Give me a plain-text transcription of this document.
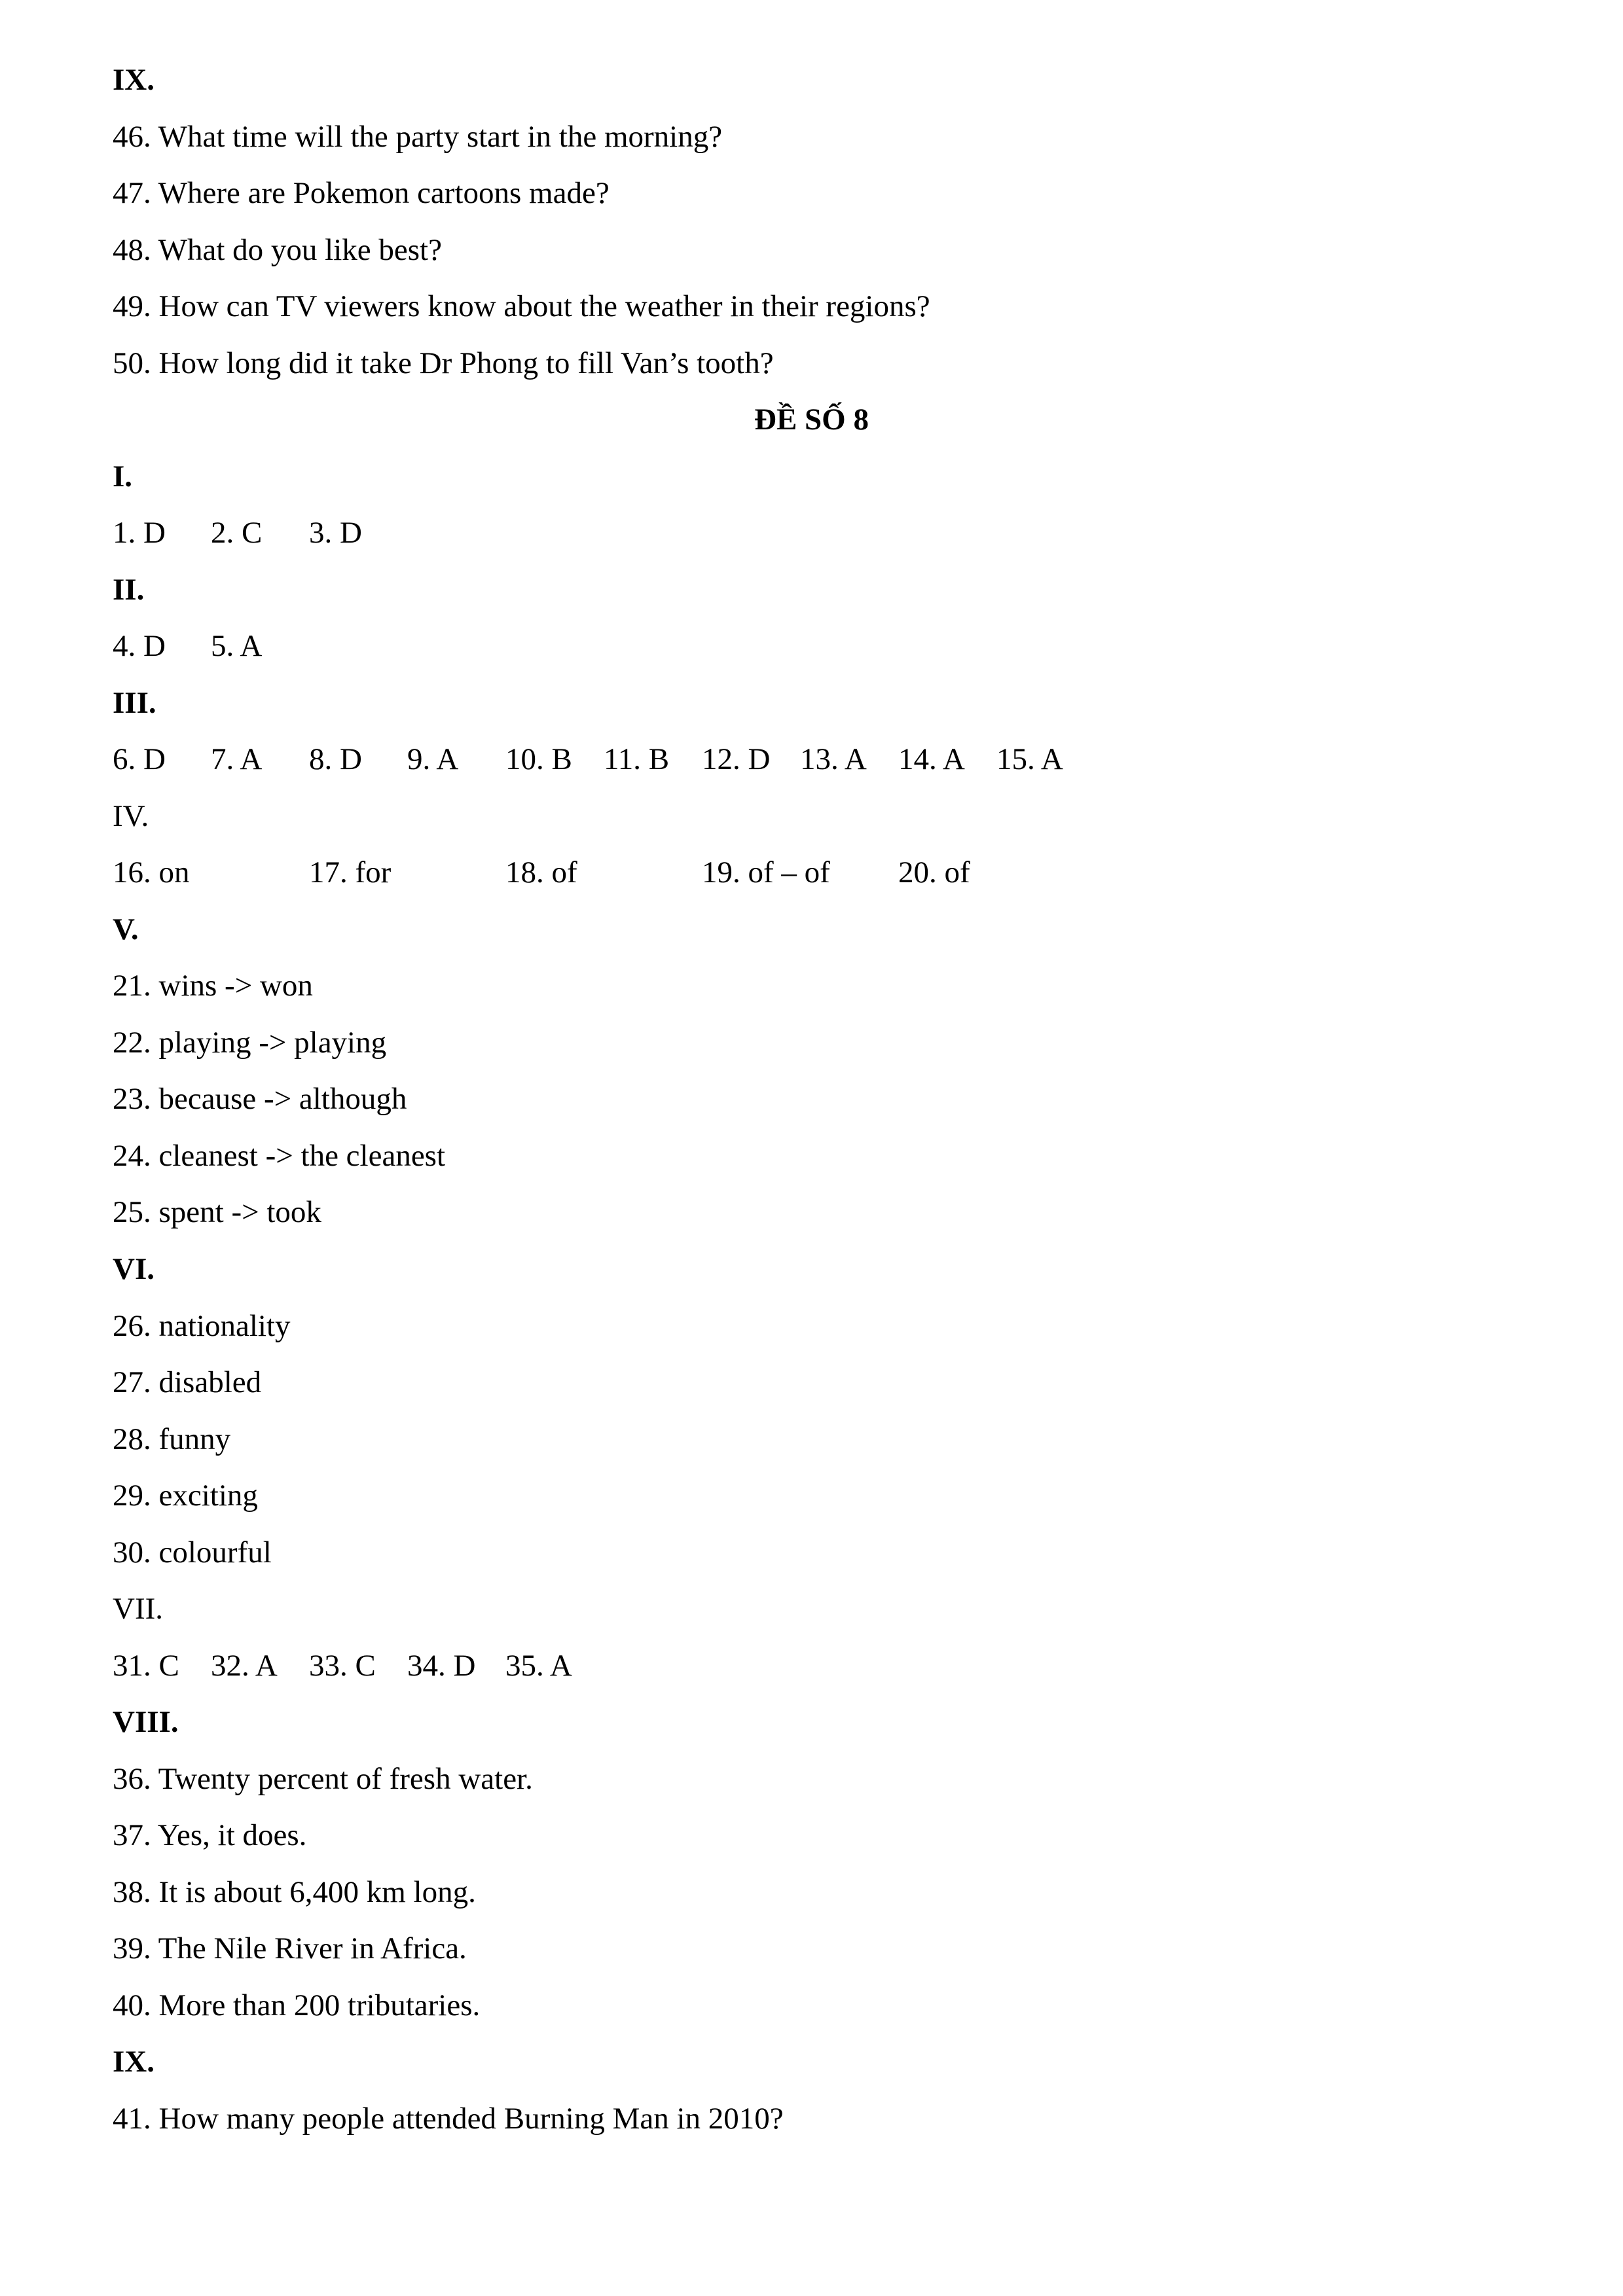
IX.
46. What time will the party start in the morning?
47. Where are Pokemon cartoons made?
48. What do you like best?
49. How can TV viewers know about the weather in their regions?
50. How long did it take Dr Phong to fill Van’s tooth?
ĐỀ SỐ 8
I.
1. D 2. C 3. D
II.
4. D 5. A
III.
6. D 7. A 8. D 9. A 10. B 11. B 12. D 13. A 14. A 15. A
IV.
16. on	17. for	18. of	19. of – of 20. of
V.
21. wins -> won
22. playing -> playing
23. because -> although
24. cleanest -> the cleanest
25. spent -> took
VI.
26. nationality
27. disabled
28. funny
29. exciting
30. colourful
VII.
31. C 32. A 33. C 34. D 35. A
VIII.
36. Twenty percent of fresh water.
37. Yes, it does.
38. It is about 6,400 km long.
39. The Nile River in Africa.
40. More than 200 tributaries.
IX.
41. How many people attended Burning Man in 2010?
